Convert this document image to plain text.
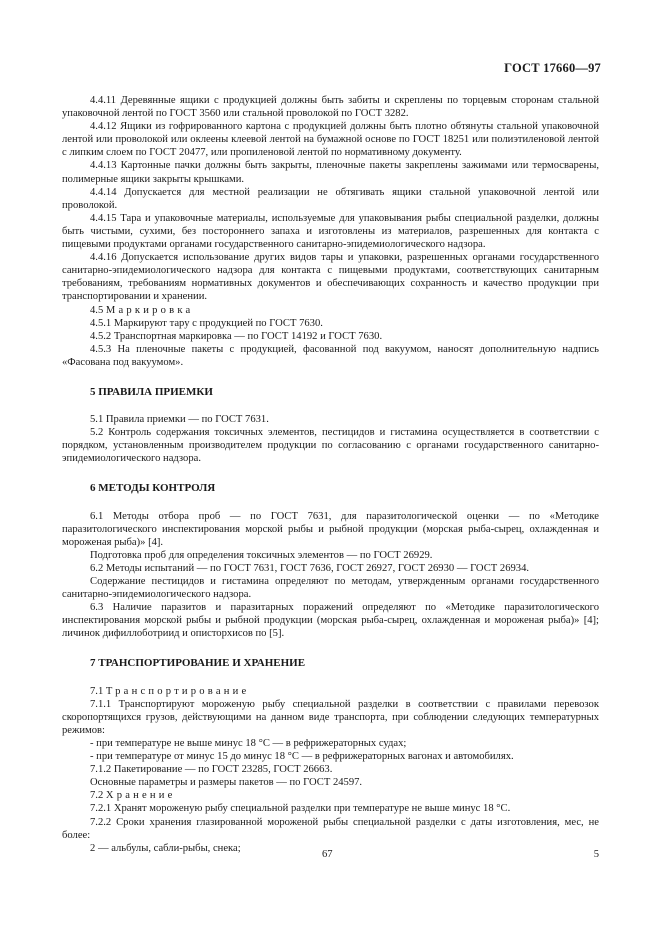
ГОСТ 17660—97

4.4.11 Деревянные ящики с продукцией должны быть забиты и скреплены по торцевым сторонам стальной упаковочной лентой по ГОСТ 3560 или стальной проволокой по ГОСТ 3282.

4.4.12 Ящики из гофрированного картона с продукцией должны быть плотно обтянуты стальной упаковочной лентой или проволокой или оклеены клеевой лентой на бумажной основе по ГОСТ 18251 или полиэтиленовой лентой с липким слоем по ГОСТ 20477, или пропиленовой лентой по нормативному документу.

4.4.13 Картонные пачки должны быть закрыты, пленочные пакеты закреплены зажимами или термосварены, полимерные ящики закрыты крышками.

4.4.14 Допускается для местной реализации не обтягивать ящики стальной упаковочной лентой или проволокой.

4.4.15 Тара и упаковочные материалы, используемые для упаковывания рыбы специальной разделки, должны быть чистыми, сухими, без постороннего запаха и изготовлены из материалов, разрешенных для контакта с пищевыми продуктами органами государственного санитарно-эпидемиологического надзора.

4.4.16 Допускается использование других видов тары и упаковки, разрешенных органами государственного санитарно-эпидемиологического надзора для контакта с пищевыми продуктами, соответствующих санитарным требованиям, требованиям нормативных документов и обеспечивающих сохранность и качество продукции при транспортировании и хранении.

4.5 Маркировка

4.5.1 Маркируют тару с продукцией по ГОСТ 7630.

4.5.2 Транспортная маркировка — по ГОСТ 14192 и ГОСТ 7630.

4.5.3 На пленочные пакеты с продукцией, фасованной под вакуумом, наносят дополнительную надпись «Фасована под вакуумом».

5 ПРАВИЛА ПРИЕМКИ

5.1 Правила приемки — по ГОСТ 7631.

5.2 Контроль содержания токсичных элементов, пестицидов и гистамина осуществляется в соответствии с порядком, установленным производителем продукции по согласованию с органами государственного санитарно-эпидемиологического надзора.

6 МЕТОДЫ КОНТРОЛЯ

6.1 Методы отбора проб — по ГОСТ 7631, для паразитологической оценки — по «Методике паразитологического инспектирования морской рыбы и рыбной продукции (морская рыба-сырец, охлажденная и мороженая рыба)» [4].

Подготовка проб для определения токсичных элементов — по ГОСТ 26929.

6.2 Методы испытаний — по ГОСТ 7631, ГОСТ 7636, ГОСТ 26927, ГОСТ 26930 — ГОСТ 26934.

Содержание пестицидов и гистамина определяют по методам, утвержденным органами государственного санитарно-эпидемиологического надзора.

6.3 Наличие паразитов и паразитарных поражений определяют по «Методике паразитологического инспектирования морской рыбы и рыбной продукции (морская рыба-сырец, охлажденная и мороженая рыба)» [4]; личинок дифиллоботриид и описторхисов по [5].

7 ТРАНСПОРТИРОВАНИЕ И ХРАНЕНИЕ

7.1 Транспортирование

7.1.1 Транспортируют мороженую рыбу специальной разделки в соответствии с правилами перевозок скоропортящихся грузов, действующими на данном виде транспорта, при соблюдении следующих температурных режимов:

- при температуре не выше минус 18 °С — в рефрижераторных судах;

- при температуре от минус 15 до минус 18 °С — в рефрижераторных вагонах и автомобилях.

7.1.2 Пакетирование — по ГОСТ 23285, ГОСТ 26663.

Основные параметры и размеры пакетов — по ГОСТ 24597.

7.2 Хранение

7.2.1 Хранят мороженую рыбу специальной разделки при температуре не выше минус 18 °С.

7.2.2 Сроки хранения глазированной мороженой рыбы специальной разделки с даты изготовления, мес, не более:

2 — альбулы, сабли-рыбы, снека;

67	5
